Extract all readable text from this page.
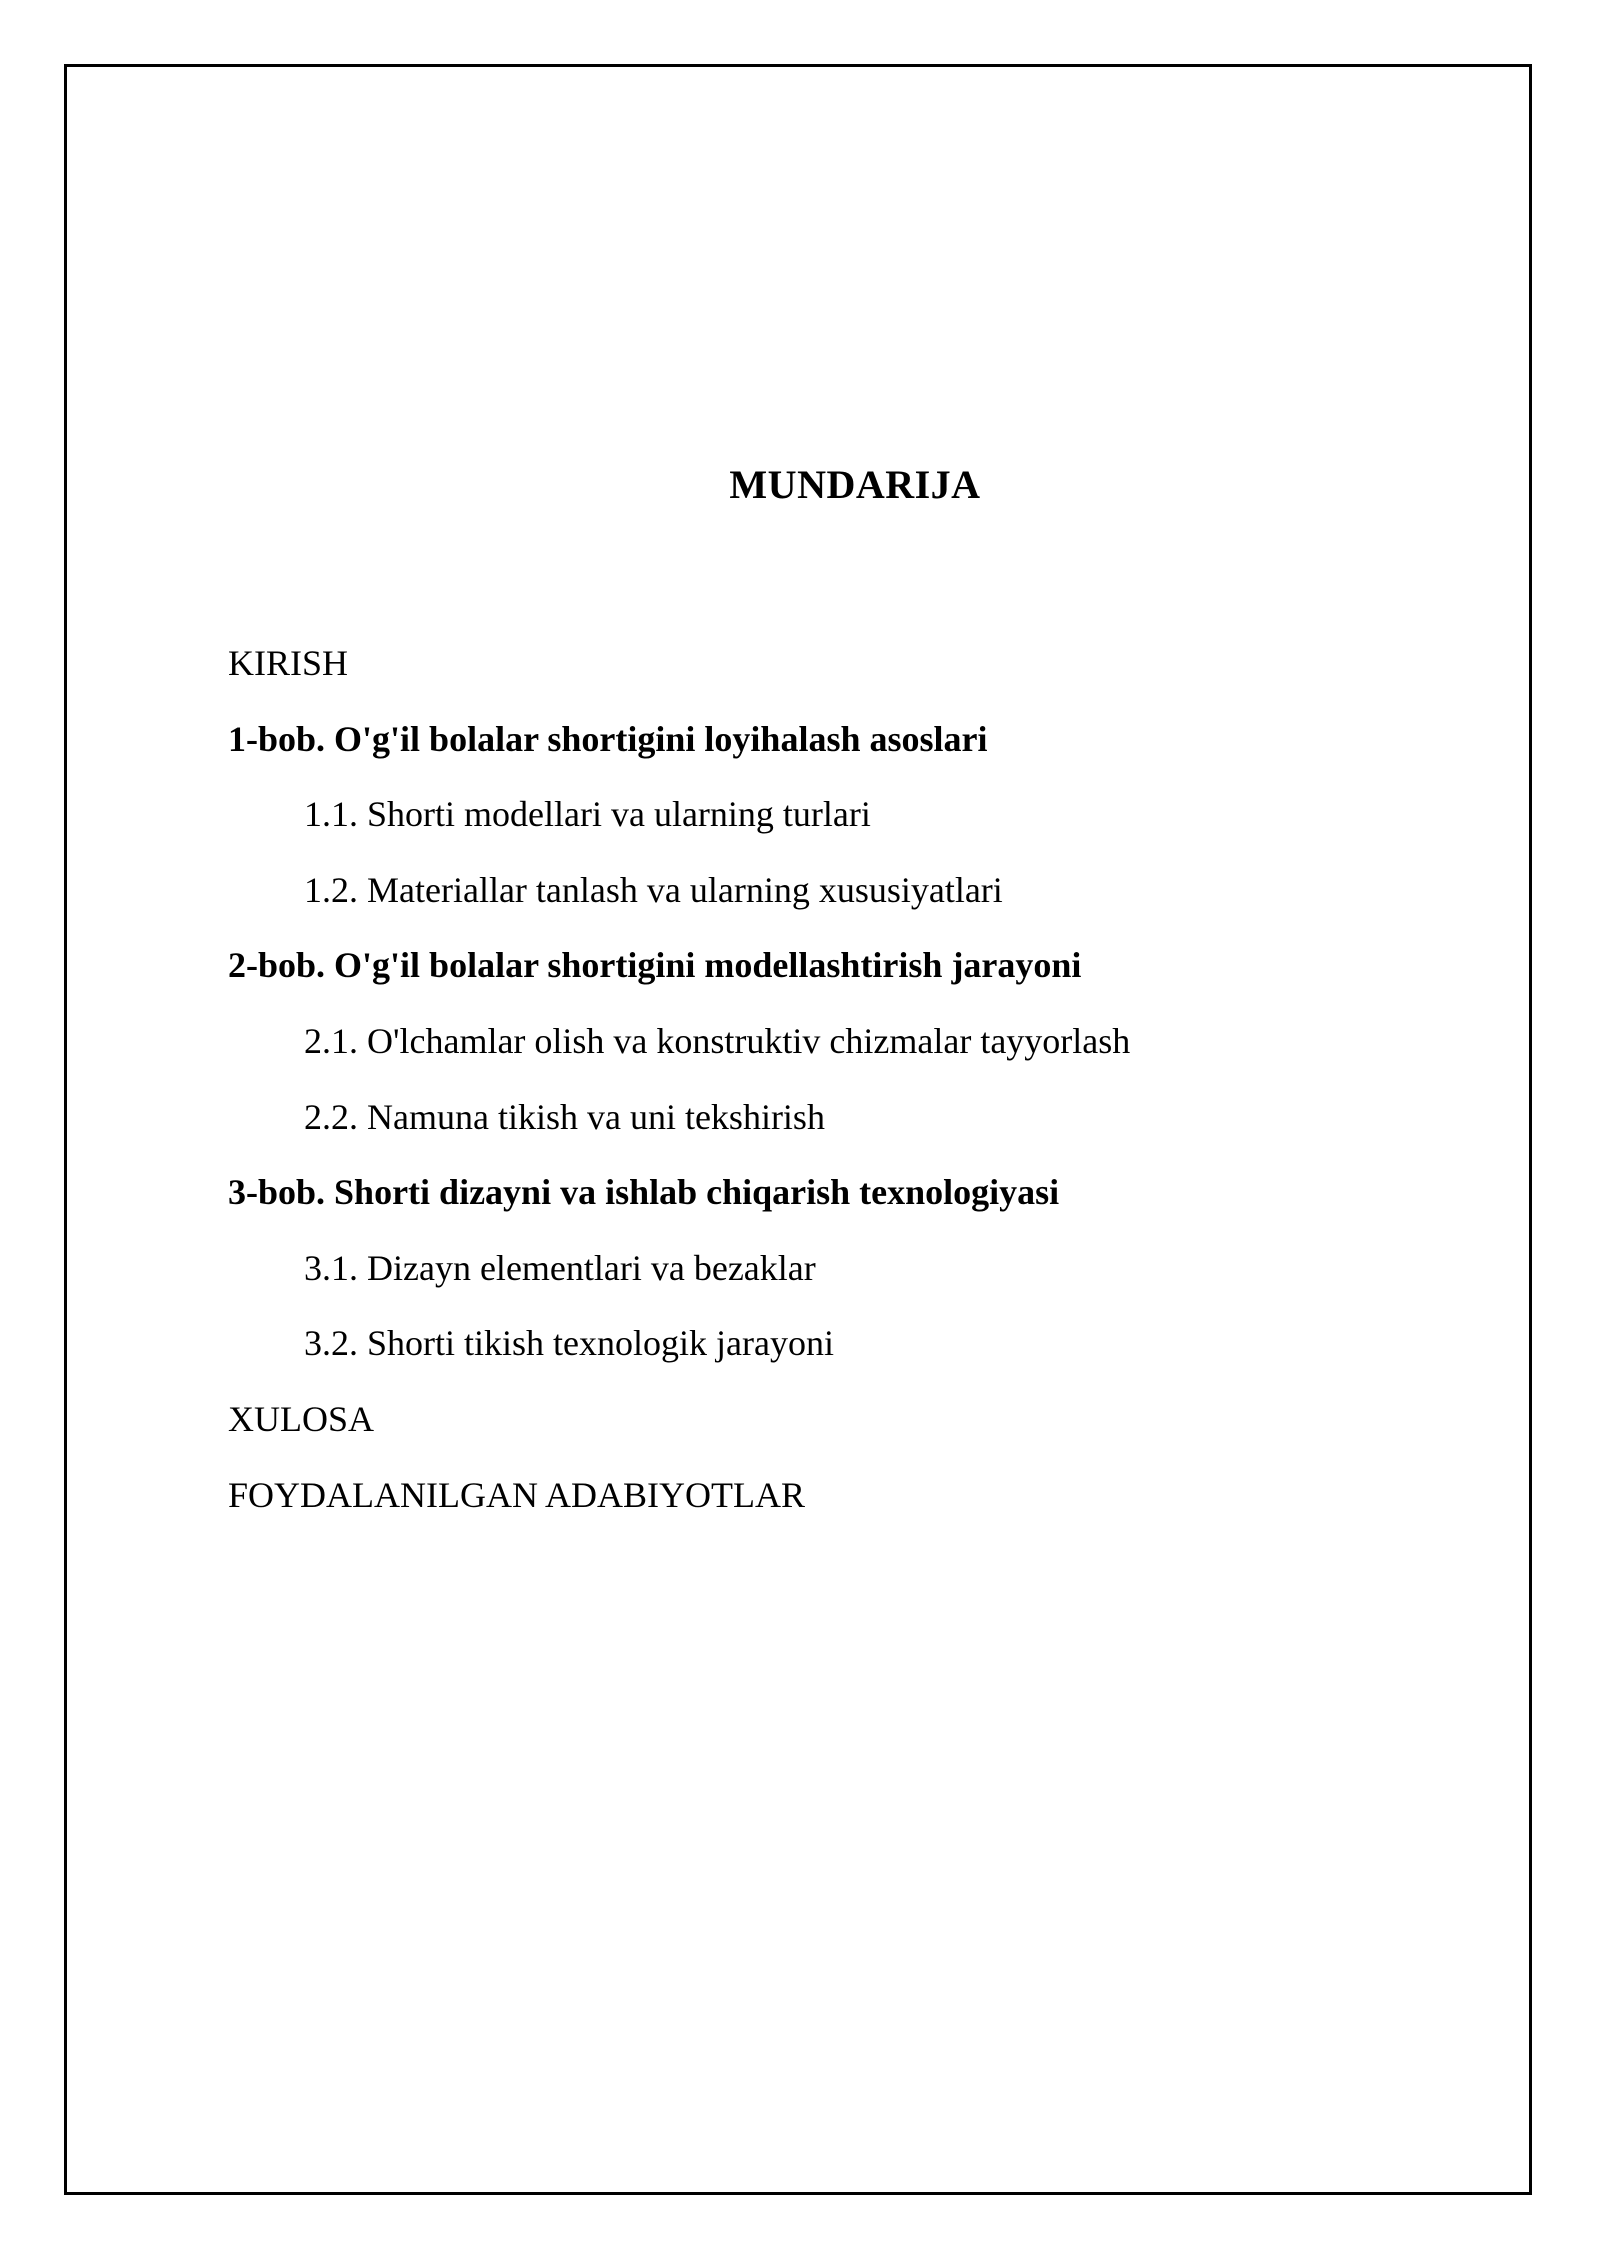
MUNDARIJA
KIRISH
1-bob. O'g'il bolalar shortigini loyihalash asoslari
1.1. Shorti modellari va ularning turlari
1.2. Materiallar tanlash va ularning xususiyatlari
2-bob. O'g'il bolalar shortigini modellashtirish jarayoni
2.1. O'lchamlar olish va konstruktiv chizmalar tayyorlash
2.2. Namuna tikish va uni tekshirish
3-bob. Shorti dizayni va ishlab chiqarish texnologiyasi
3.1. Dizayn elementlari va bezaklar
3.2. Shorti tikish texnologik jarayoni
XULOSA
FOYDALANILGAN ADABIYOTLAR
